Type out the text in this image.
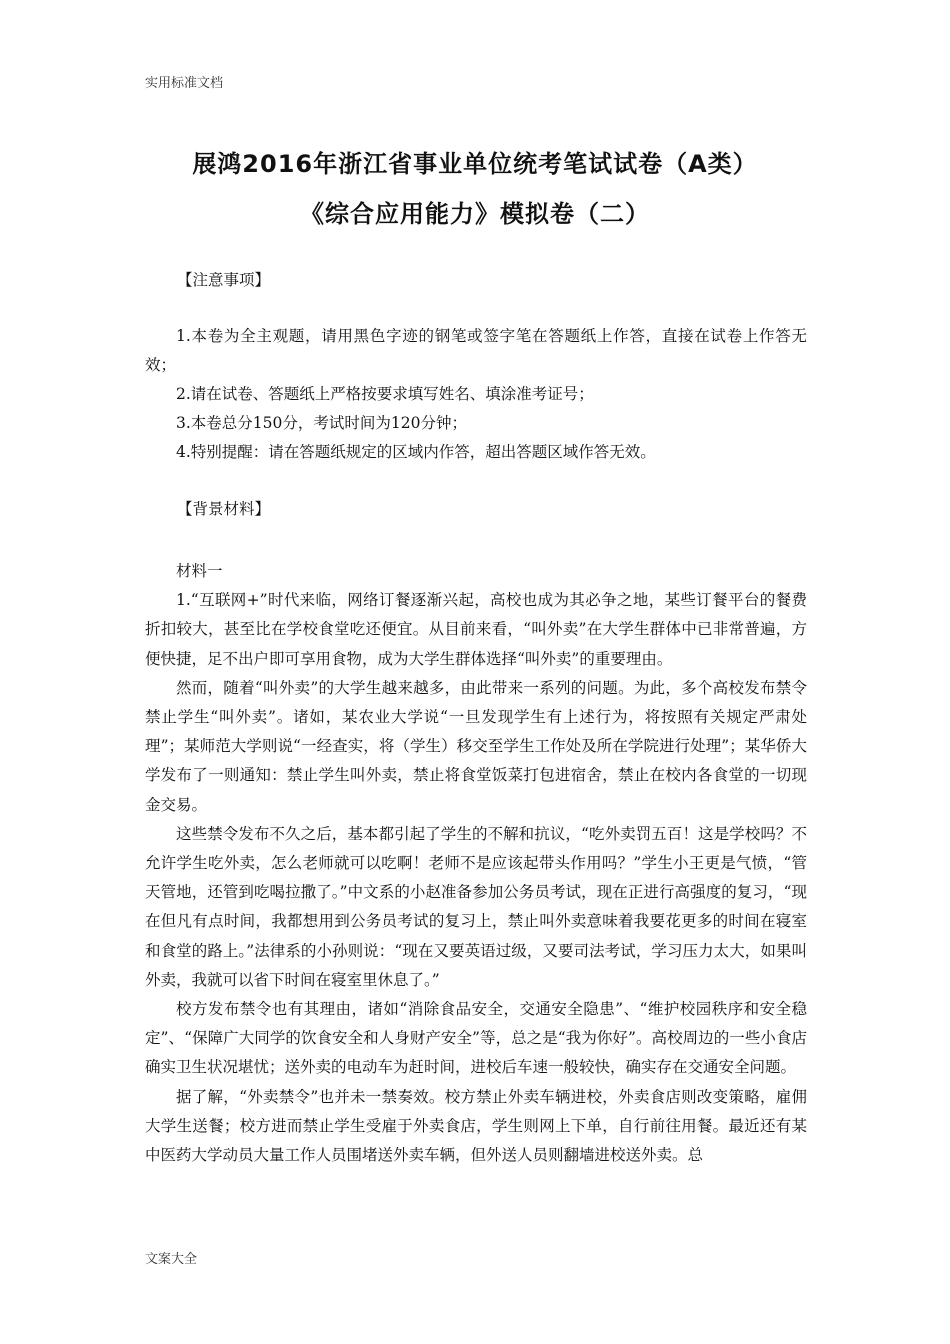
实用标准文档
展鸿2016年浙江省事业单位统考笔试试卷（A类）
《综合应用能力》模拟卷（二）
【注意事项】

1.本卷为全主观题，请用黑色字迹的钢笔或签字笔在答题纸上作答，直接在试卷上作答无效；

2.请在试卷、答题纸上严格按要求填写姓名、填涂准考证号；

3.本卷总分150分，考试时间为120分钟；

4.特别提醒：请在答题纸规定的区域内作答，超出答题区域作答无效。

【背景材料】

材料一

1.“互联网+”时代来临，网络订餐逐渐兴起，高校也成为其必争之地，某些订餐平台的餐费折扣较大，甚至比在学校食堂吃还便宜。从目前来看，“叫外卖”在大学生群体中已非常普遍，方便快捷，足不出户即可享用食物，成为大学生群体选择“叫外卖”的重要理由。

然而，随着“叫外卖”的大学生越来越多，由此带来一系列的问题。为此，多个高校发布禁令禁止学生“叫外卖”。诸如，某农业大学说“一旦发现学生有上述行为，将按照有关规定严肃处理”；某师范大学则说“一经查实，将（学生）移交至学生工作处及所在学院进行处理”；某华侨大学发布了一则通知：禁止学生叫外卖，禁止将食堂饭菜打包进宿舍，禁止在校内各食堂的一切现金交易。

这些禁令发布不久之后，基本都引起了学生的不解和抗议，“吃外卖罚五百！这是学校吗？不允许学生吃外卖，怎么老师就可以吃啊！老师不是应该起带头作用吗？”学生小王更是气愤，“管天管地，还管到吃喝拉撒了。”中文系的小赵准备参加公务员考试，现在正进行高强度的复习，“现在但凡有点时间，我都想用到公务员考试的复习上，禁止叫外卖意味着我要花更多的时间在寝室和食堂的路上。”法律系的小孙则说：“现在又要英语过级，又要司法考试，学习压力太大，如果叫外卖，我就可以省下时间在寝室里休息了。”

校方发布禁令也有其理由，诸如“消除食品安全，交通安全隐患”、“维护校园秩序和安全稳定”、“保障广大同学的饮食安全和人身财产安全”等，总之是“我为你好”。高校周边的一些小食店确实卫生状况堪忧；送外卖的电动车为赶时间，进校后车速一般较快，确实存在交通安全问题。

据了解，“外卖禁令”也并未一禁奏效。校方禁止外卖车辆进校，外卖食店则改变策略，雇佣大学生送餐；校方进而禁止学生受雇于外卖食店，学生则网上下单，自行前往用餐。最近还有某中医药大学动员大量工作人员围堵送外卖车辆，但外送人员则翻墙进校送外卖。总

文案大全
